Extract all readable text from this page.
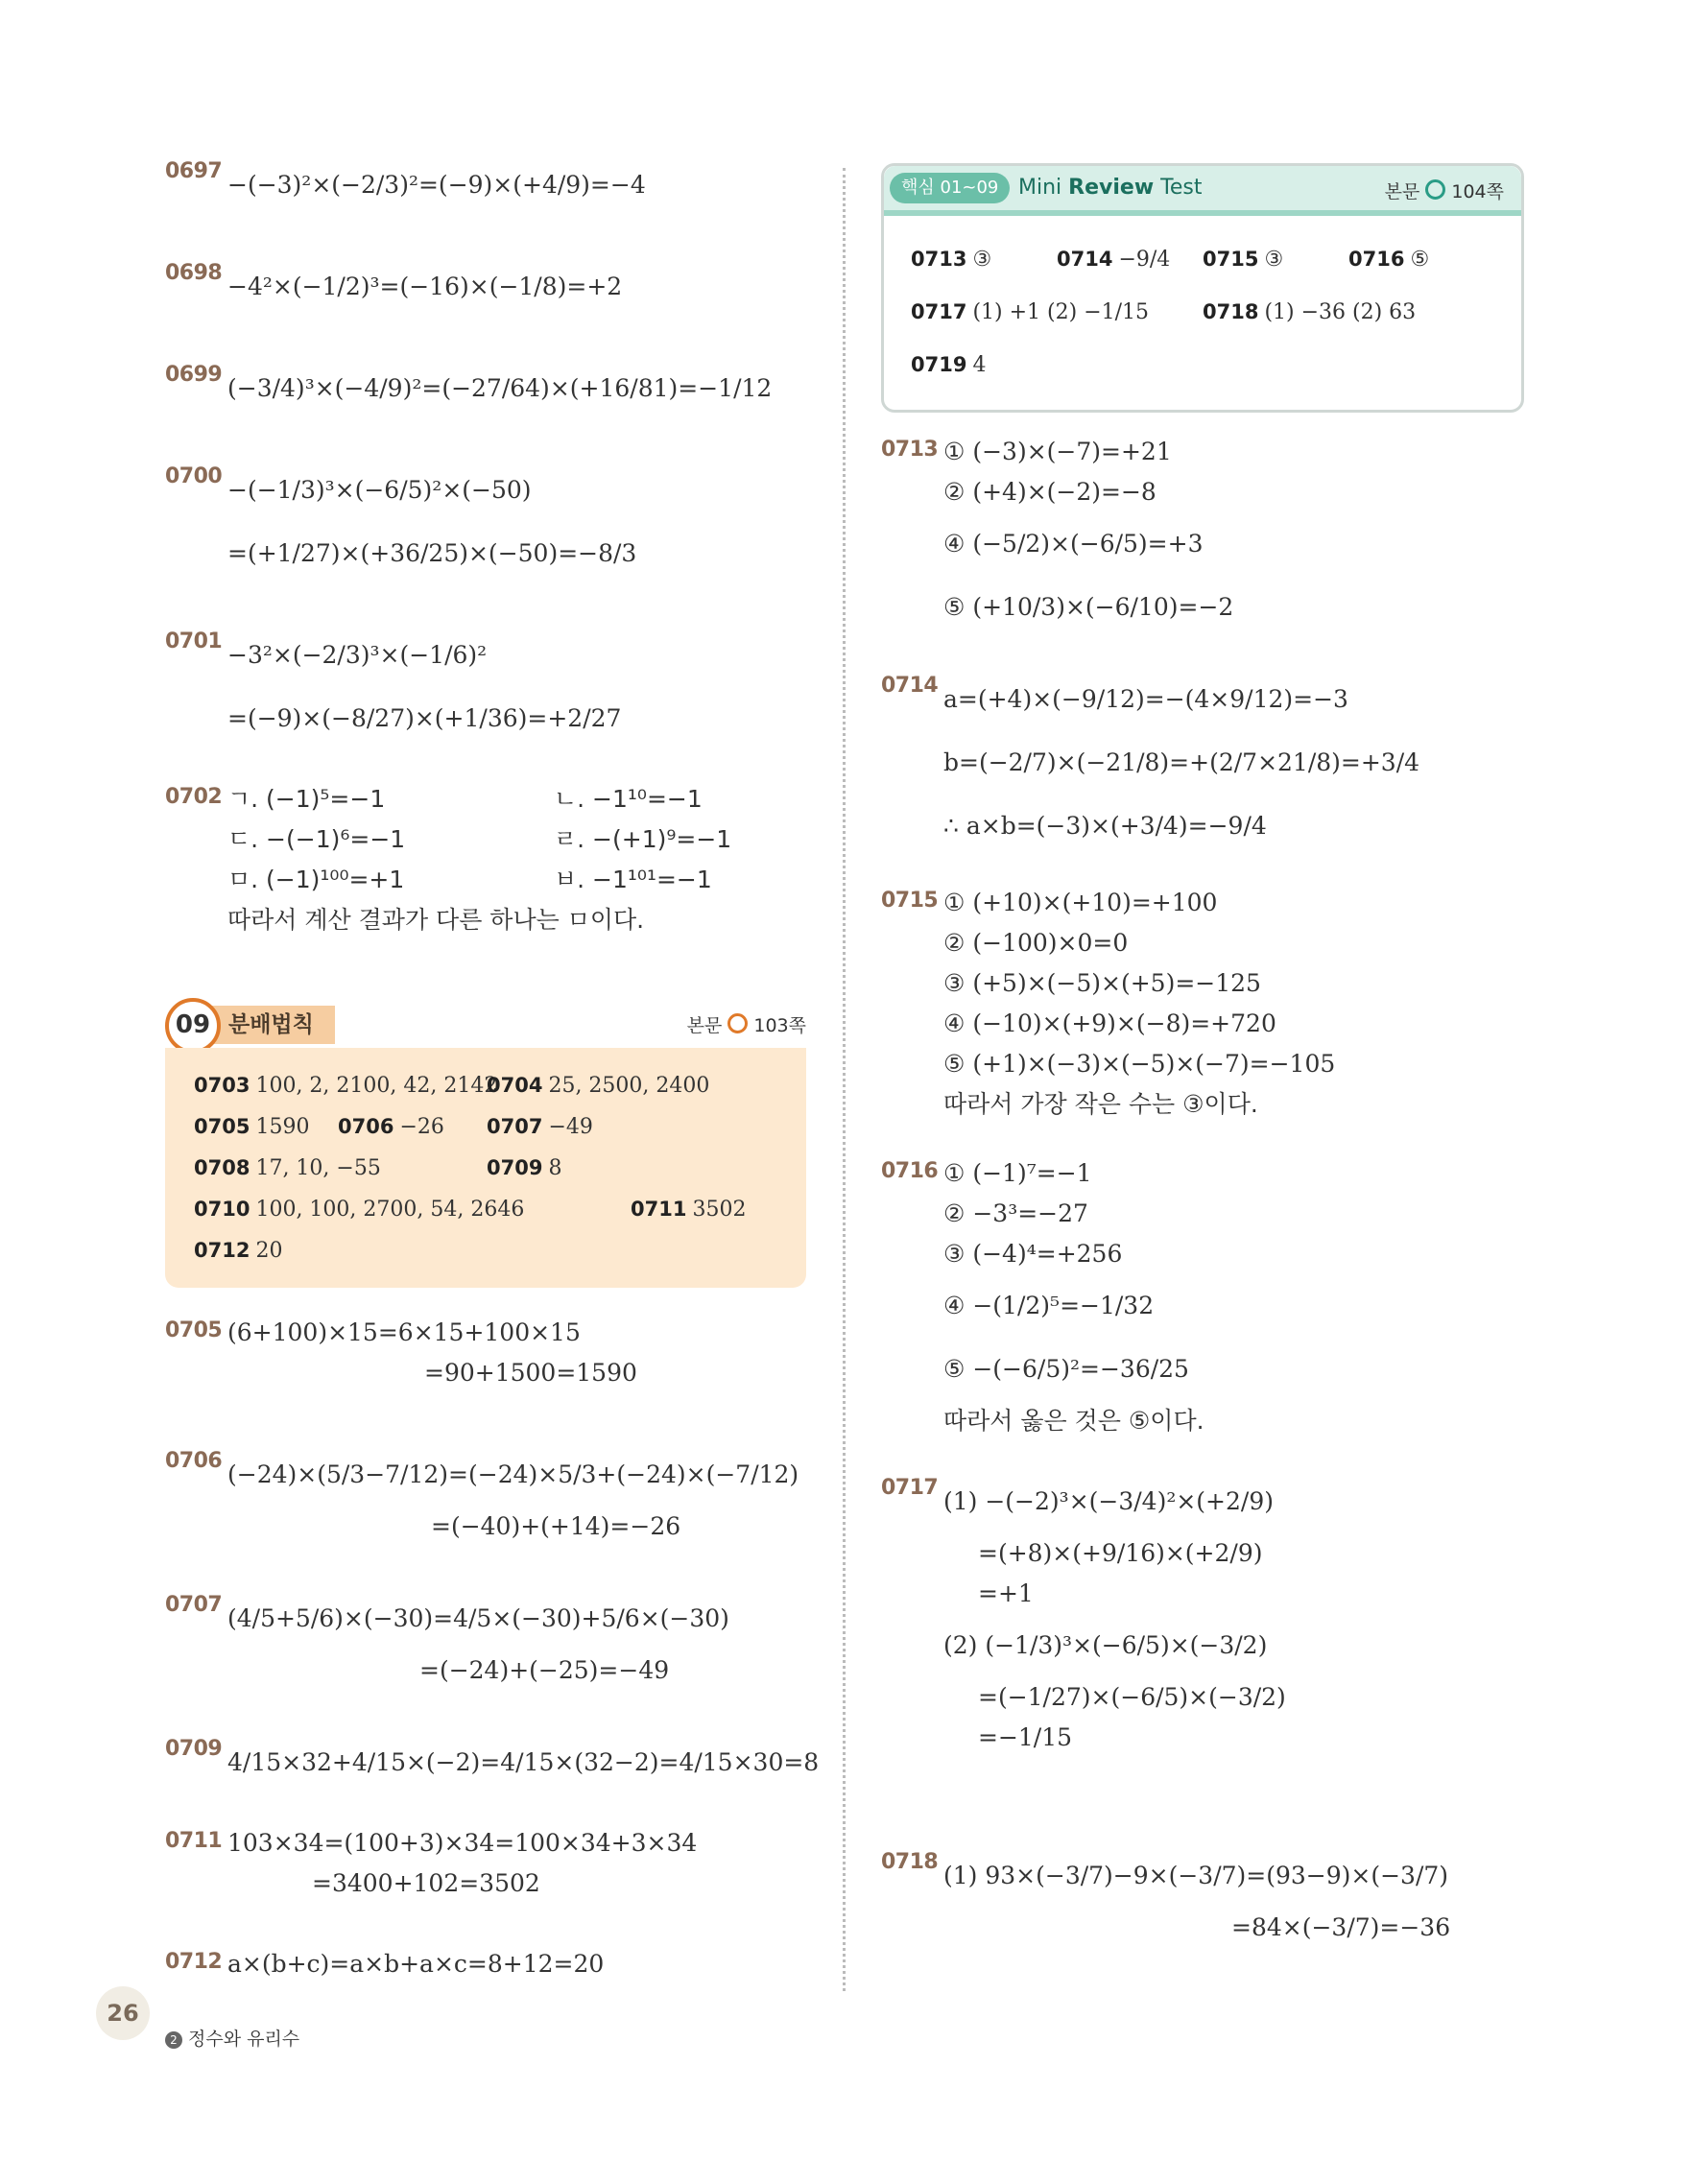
0697 −(−3)²×(−2/3)²=(−9)×(+4/9)=−4
0698 −4²×(−1/2)³=(−16)×(−1/8)=+2
0699 (−3/4)³×(−4/9)²=(−27/64)×(+16/81)=−1/12
0700 −(−1/3)³×(−6/5)²×(−50)
=(+1/27)×(+36/25)×(−50)=−8/3
0701 −3²×(−2/3)³×(−1/6)²
=(−9)×(−8/27)×(+1/36)=+2/27
0702 ㄱ. (−1)⁵=−1	ㄴ. −1¹⁰=−1
ㄷ. −(−1)⁶=−1	ㄹ. −(+1)⁹=−1
ㅁ. (−1)¹⁰⁰=+1	ㅂ. −1¹⁰¹=−1
따라서 계산 결과가 다른 하나는 ㅁ이다.
분배법칙
09	본문 103쪽
0703 100, 2, 2100, 42, 2142
0704 25, 2500, 2400
0705 1590	0706 −26	0707 −49
0708 17, 10, −55	0709 8
0710 100, 100, 2700, 54, 2646	0711 3502
0712 20
0705 (6+100)×15=6×15+100×15
=90+1500=1590
0706 (−24)×(5/3−7/12)=(−24)×5/3+(−24)×(−7/12)
=(−40)+(+14)=−26
0707 (4/5+5/6)×(−30)=4/5×(−30)+5/6×(−30)
=(−24)+(−25)=−49
0709 4/15×32+4/15×(−2)=4/15×(32−2)=4/15×30=8
0711 103×34=(100+3)×34=100×34+3×34
=3400+102=3502
0712 a×(b+c)=a×b+a×c=8+12=20
핵심 01~09 Mini Review Test	본문 104쪽
0713 ③	0714 −9/4	0715 ③	0716 ⑤
0717 (1) +1 (2) −1/15	0718 (1) −36 (2) 63
0719 4
0713 ① (−3)×(−7)=+21
② (+4)×(−2)=−8
④ (−5/2)×(−6/5)=+3
⑤ (+10/3)×(−6/10)=−2
0714 a=(+4)×(−9/12)=−(4×9/12)=−3
b=(−2/7)×(−21/8)=+(2/7×21/8)=+3/4
∴ a×b=(−3)×(+3/4)=−9/4
0715 ① (+10)×(+10)=+100
② (−100)×0=0
③ (+5)×(−5)×(+5)=−125
④ (−10)×(+9)×(−8)=+720
⑤ (+1)×(−3)×(−5)×(−7)=−105
따라서 가장 작은 수는 ③이다.
0716 ① (−1)⁷=−1
② −3³=−27
③ (−4)⁴=+256
④ −(1/2)⁵=−1/32
⑤ −(−6/5)²=−36/25
따라서 옳은 것은 ⑤이다.
0717 (1) −(−2)³×(−3/4)²×(+2/9)
=(+8)×(+9/16)×(+2/9)
=+1
(2) (−1/3)³×(−6/5)×(−3/2)
=(−1/27)×(−6/5)×(−3/2)
=−1/15
0718 (1) 93×(−3/7)−9×(−3/7)=(93−9)×(−3/7)
=84×(−3/7)=−36
26
2 정수와 유리수
